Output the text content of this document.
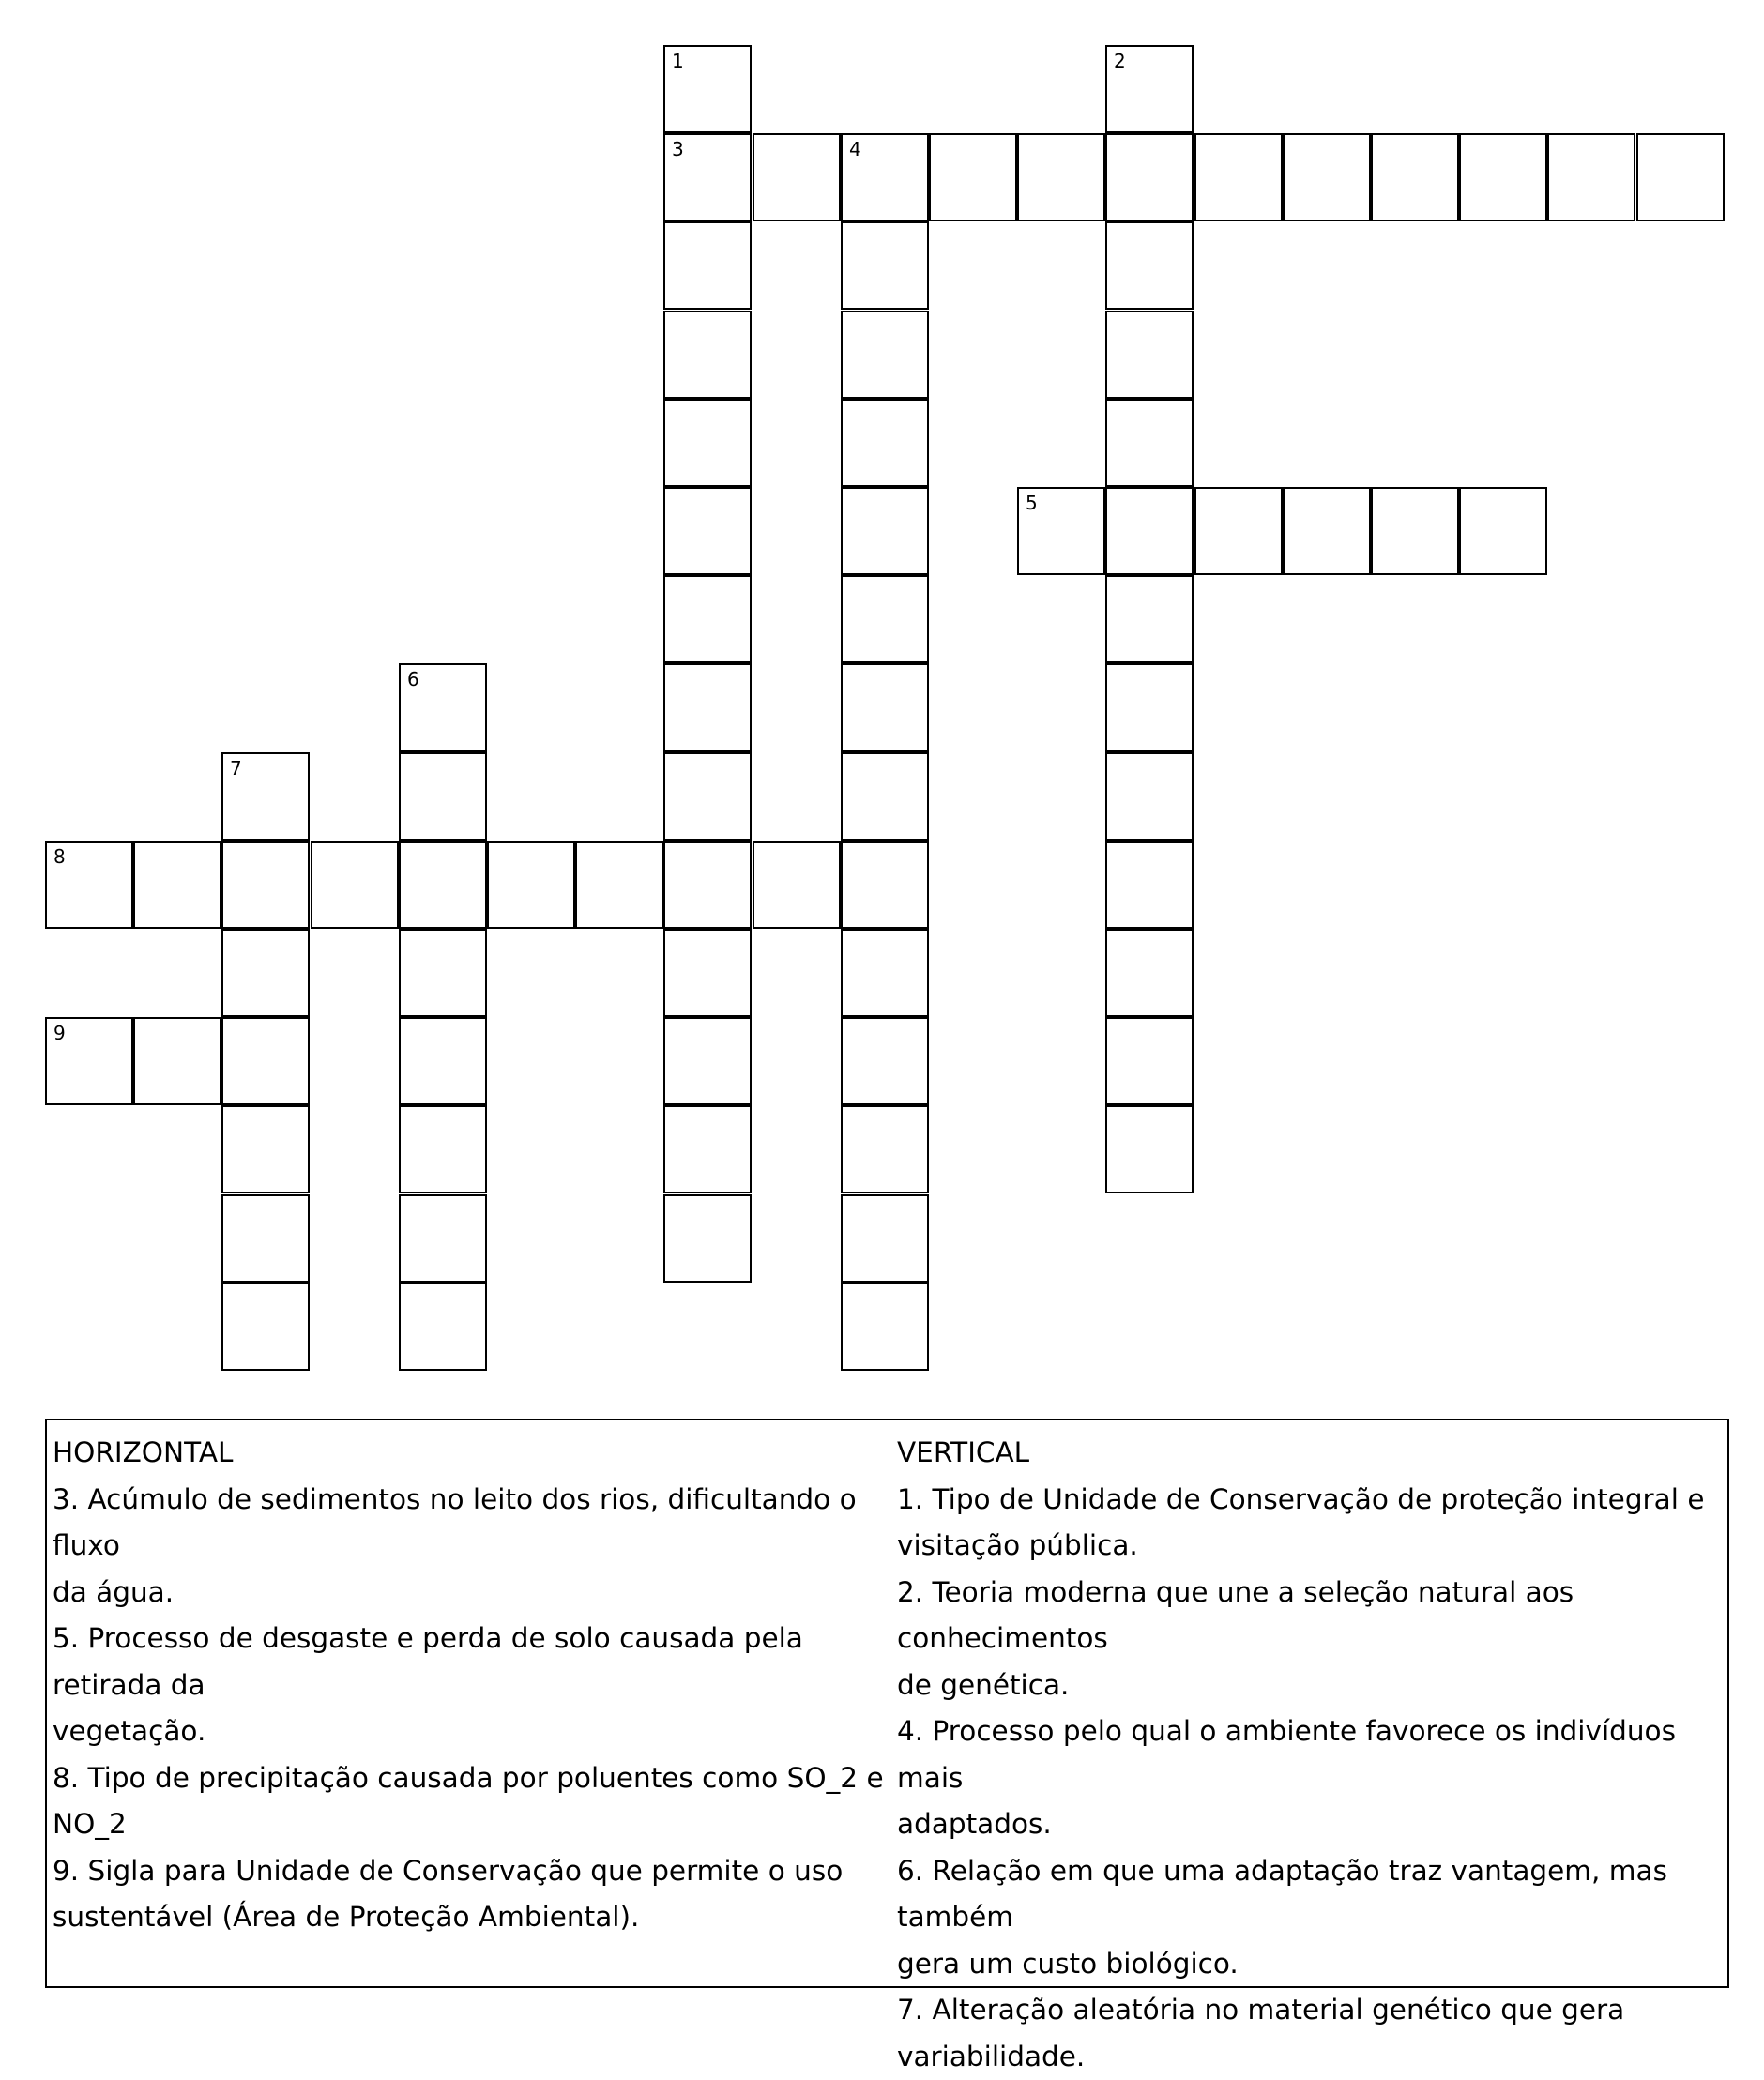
1	2
3	4
5
6
7
8
9
HORIZONTAL
3. Acúmulo de sedimentos no leito dos rios, dificultando o fluxo
da água.
5. Processo de desgaste e perda de solo causada pela retirada da
vegetação.
8. Tipo de precipitação causada por poluentes como SO_2 e
NO_2
9. Sigla para Unidade de Conservação que permite o uso
sustentável (Área de Proteção Ambiental).
VERTICAL
1. Tipo de Unidade de Conservação de proteção integral e
visitação pública.
2. Teoria moderna que une a seleção natural aos conhecimentos
de genética.
4. Processo pelo qual o ambiente favorece os indivíduos mais
adaptados.
6. Relação em que uma adaptação traz vantagem, mas também
gera um custo biológico.
7. Alteração aleatória no material genético que gera
variabilidade.
